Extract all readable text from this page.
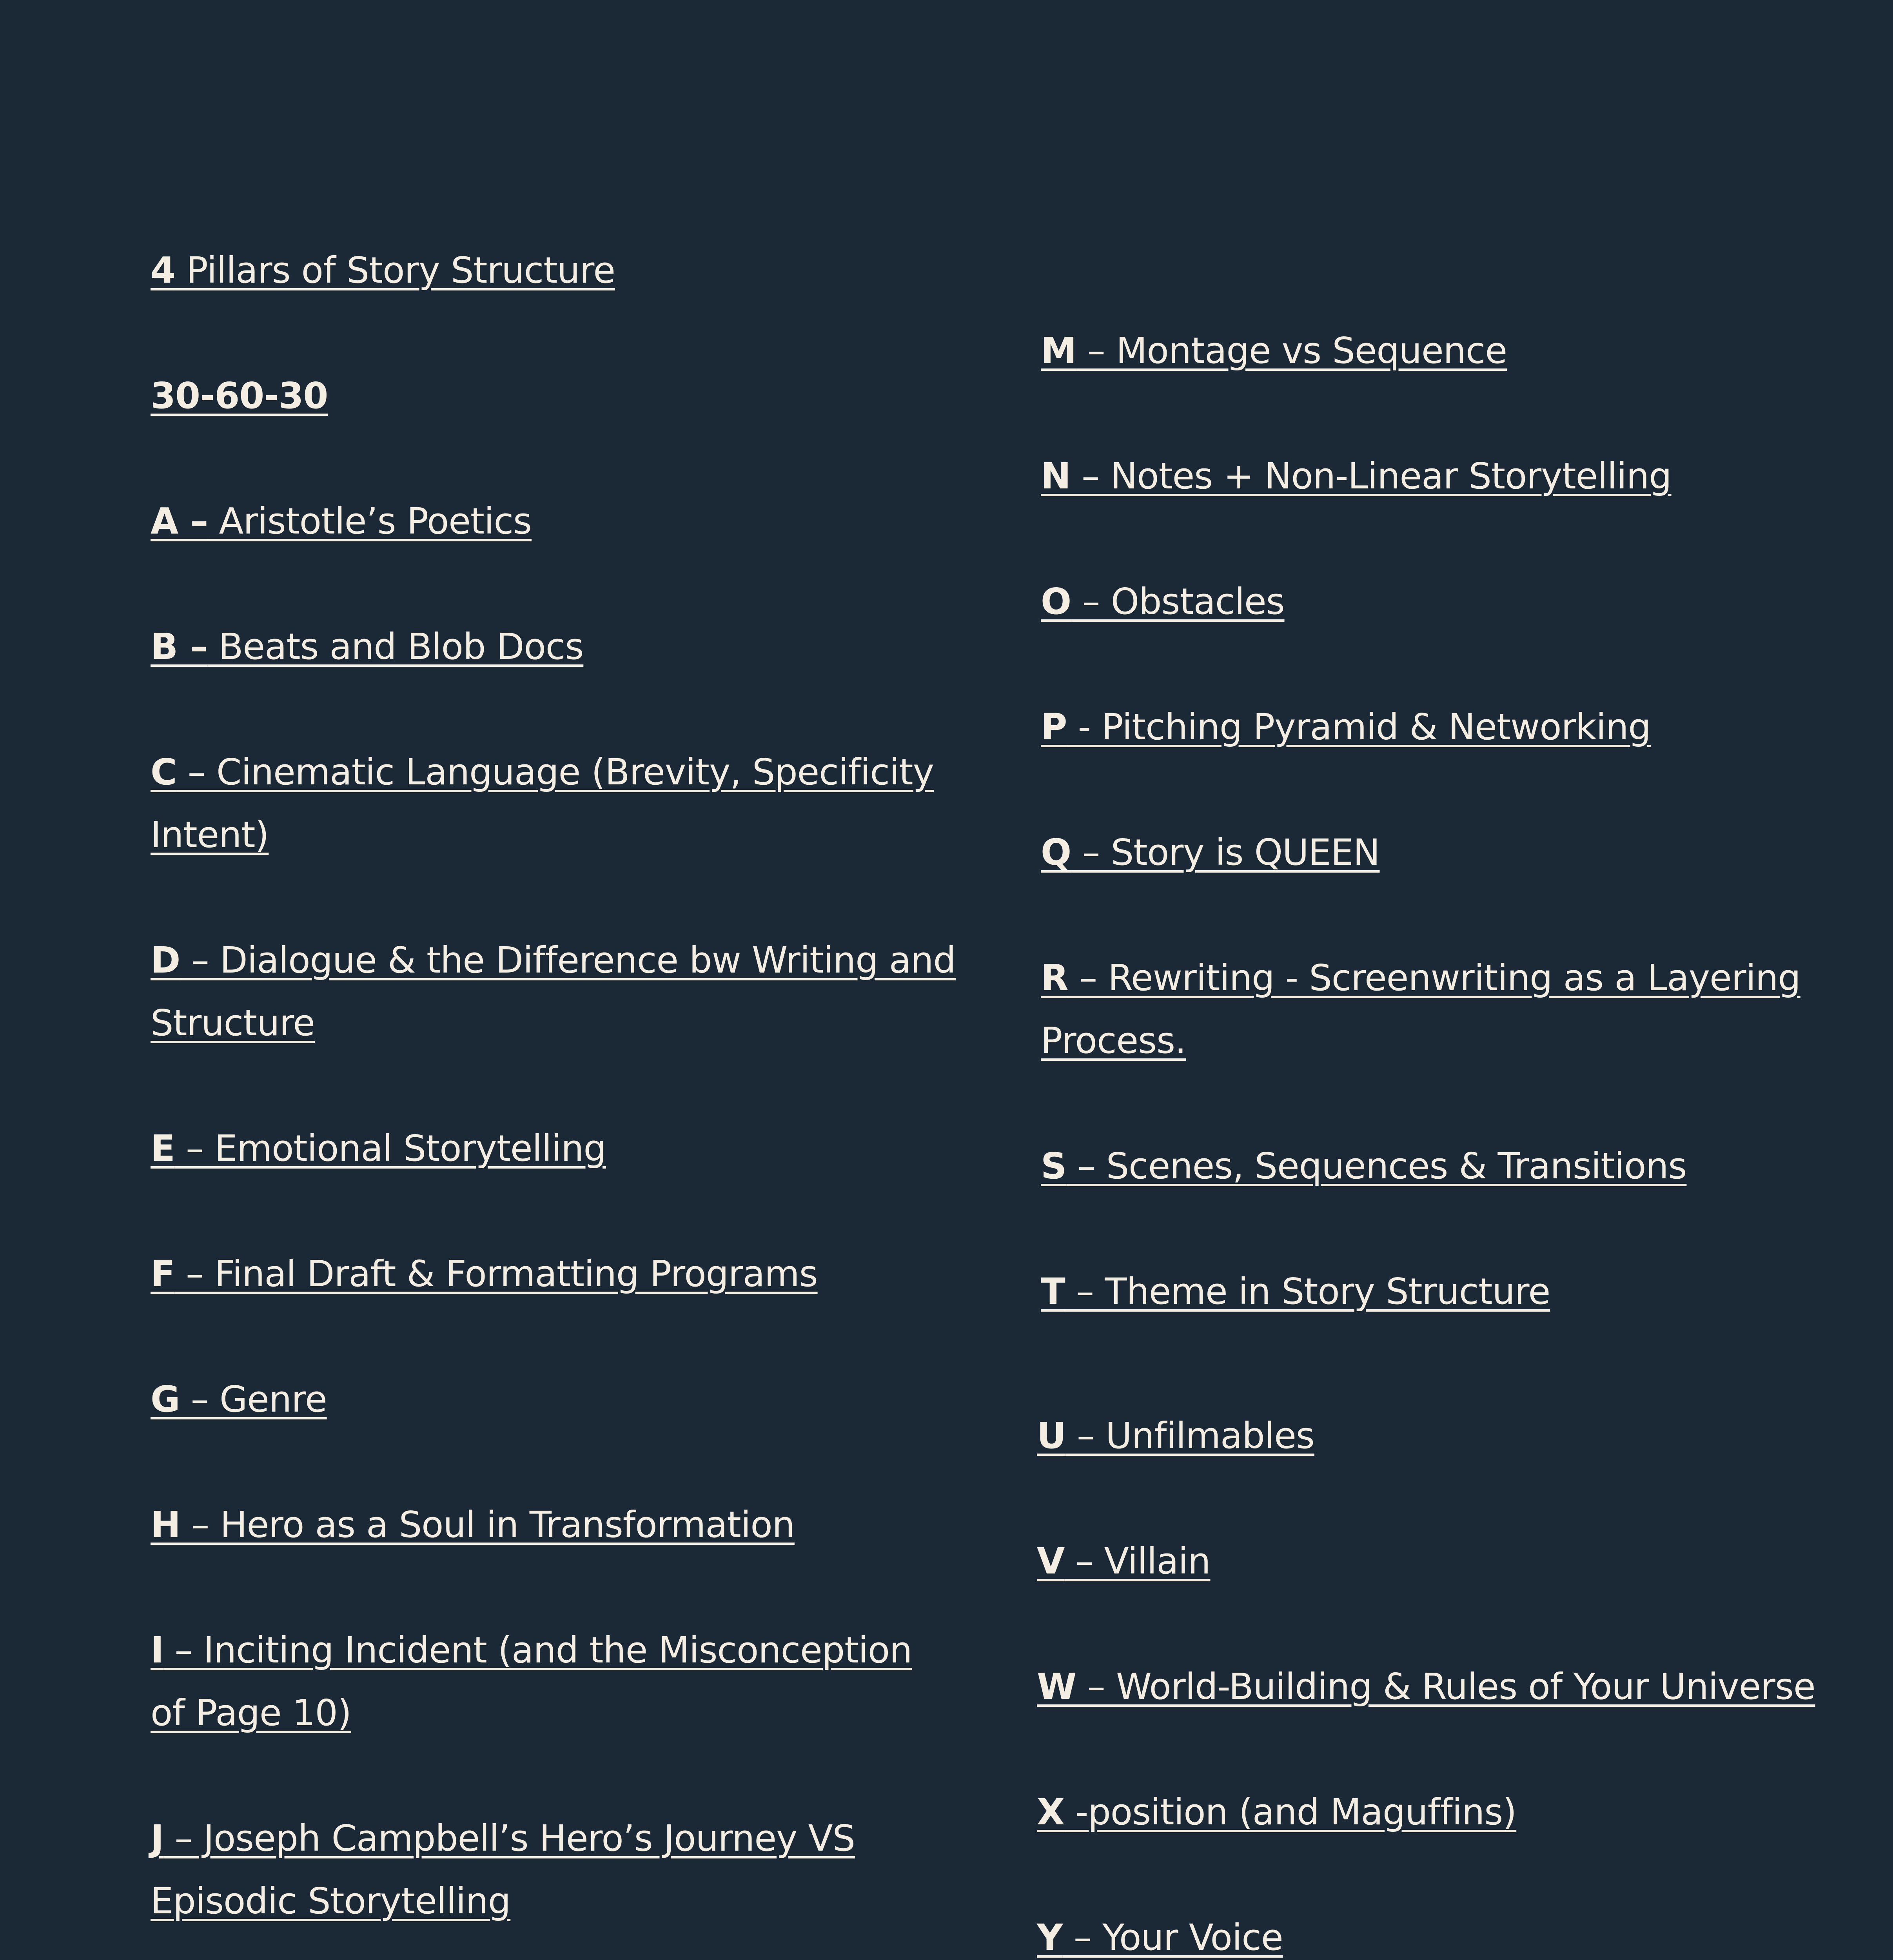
4 Pillars of Story Structure
30-60-30
A – Aristotle’s Poetics
B – Beats and Blob Docs
C – Cinematic Language (Brevity, Specificity
Intent)
D – Dialogue & the Difference bw Writing and
Structure
E – Emotional Storytelling
F – Final Draft & Formatting Programs
G – Genre
H – Hero as a Soul in Transformation
I – Inciting Incident (and the Misconception
of Page 10)
J – Joseph Campbell’s Hero’s Journey VS
Episodic Storytelling
M – Montage vs Sequence
N – Notes + Non-Linear Storytelling
O – Obstacles
P - Pitching Pyramid & Networking
Q – Story is QUEEN
R – Rewriting - Screenwriting as a Layering
Process.
S – Scenes, Sequences & Transitions
T – Theme in Story Structure
U – Unfilmables
V – Villain
W – World-Building & Rules of Your Universe
X -position (and Maguffins)
Y – Your Voice
